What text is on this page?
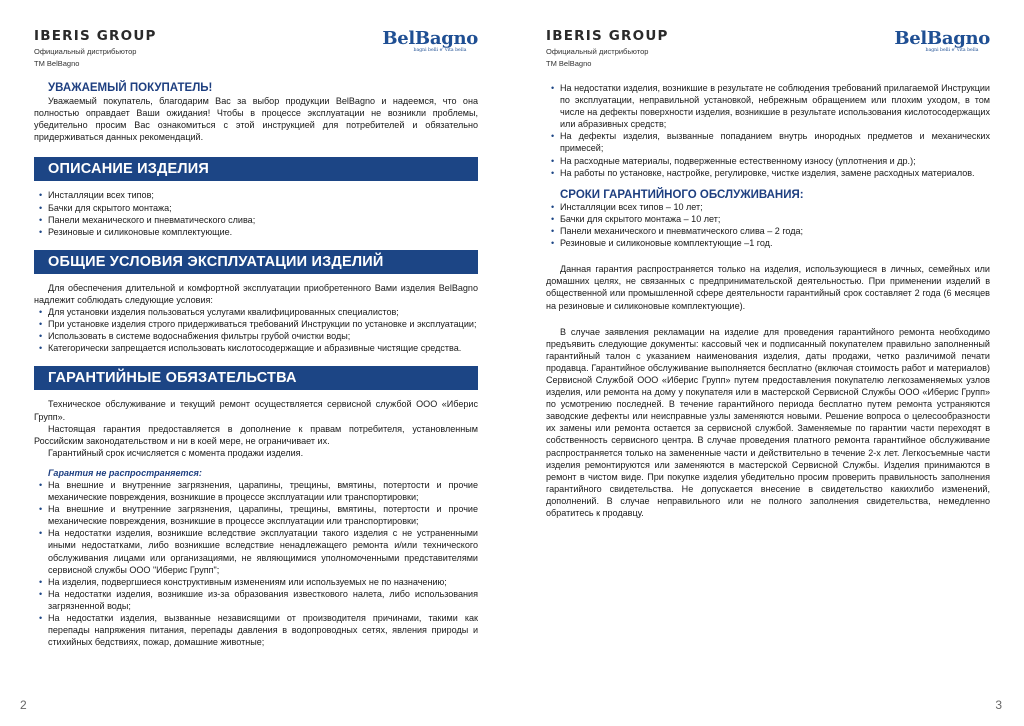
IBERIS GROUP
Официальный дистрибьютор
ТМ BelBagno
BelBagno
bagni belli e' vita bella
УВАЖАЕМЫЙ ПОКУПАТЕЛЬ!
Уважаемый покупатель, благодарим Вас за выбор продукции BelBagno и надеемся, что она полностью оправдает Ваши ожидания! Чтобы в процессе эксплуатации не возникли проблемы, убедительно просим Вас ознакомиться с этой инструкцией для потребителей и обязательно придерживаться данных рекомендаций.
ОПИСАНИЕ ИЗДЕЛИЯ
• Инсталляции всех типов;
• Бачки для скрытого монтажа;
• Панели механического и пневматического слива;
• Резиновые и силиконовые комплектующие.
ОБЩИЕ УСЛОВИЯ ЭКСПЛУАТАЦИИ ИЗДЕЛИЙ
Для обеспечения длительной и комфортной эксплуатации приобретенного Вами изделия BelBagno надлежит соблюдать следующие условия:
• Для установки изделия пользоваться услугами квалифицированных специалистов;
• При установке изделия строго придерживаться требований Инструкции по установке и эксплуатации;
• Использовать в системе водоснабжения фильтры грубой очистки воды;
• Категорически запрещается использовать кислотосодержащие и абразивные чистящие средства.
ГАРАНТИЙНЫЕ ОБЯЗАТЕЛЬСТВА
Техническое обслуживание и текущий ремонт осуществляется сервисной службой ООО «Иберис Групп».
Настоящая гарантия предоставляется в дополнение к правам потребителя, установленным Российским законодательством и ни в коей мере, не ограничивает их.
Гарантийный срок исчисляется с момента продажи изделия.
Гарантия не распространяется:
• На внешние и внутренние загрязнения, царапины, трещины, вмятины, потертости и прочие механические повреждения, возникшие в процессе эксплуатации или транспортировки;
• На внешние и внутренние загрязнения, царапины, трещины, вмятины, потертости и прочие механические повреждения, возникшие в процессе эксплуатации или транспортировки;
• На недостатки изделия, возникшие вследствие эксплуатации такого изделия с не устраненными иными недостатками, либо возникшие вследствие ненадлежащего ремонта и/или технического обслуживания лицами или организациями, не являющимися уполномоченными представителями сервисной службы ООО "Иберис Групп";
• На изделия, подвергшиеся конструктивным изменениям или используемых не по назначению;
• На недостатки изделия, возникшие из-за образования известкового налета, либо использования загрязненной воды;
• На недостатки изделия, вызванные независящими от производителя причинами, такими как перепады напряжения питания, перепады давления в водопроводных сетях, явления природы и стихийных бедствиях, пожар, домашние животные;
2
IBERIS GROUP
Официальный дистрибьютор
ТМ BelBagno
BelBagno
bagni belli e' vita bella
3
• На недостатки изделия, возникшие в результате не соблюдения требований прилагаемой Инструкции по эксплуатации, неправильной установкой, небрежным обращением или плохим уходом, в том числе на дефекты поверхности изделия, возникшие в результате использования кислотосодержащих или абразивных средств;
• На дефекты изделия, вызванные попаданием внутрь инородных предметов и механических примесей;
• На расходные материалы, подверженные естественному износу (уплотнения и др.);
• На работы по установке, настройке, регулировке, чистке изделия, замене расходных материалов.
СРОКИ ГАРАНТИЙНОГО ОБСЛУЖИВАНИЯ:
• Инсталляции всех типов – 10 лет;
• Бачки для скрытого монтажа – 10 лет;
• Панели механического и пневматического слива – 2 года;
• Резиновые и силиконовые комплектующие –1 год.
Данная гарантия распространяется только на изделия, использующиеся в личных, семейных или домашних целях, не связанных с предпринимательской деятельностью. При применении изделий в общественной или промышленной сфере деятельности гарантийный срок составляет 2 года (6 месяцев на резиновые и силиконовые комплектующие).
В случае заявления рекламации на изделие для проведения гарантийного ремонта необходимо предъявить следующие документы: кассовый чек и подписанный покупателем правильно заполненный гарантийный талон с указанием наименования изделия, даты продажи, четко различимой печати продавца. Гарантийное обслуживание выполняется бесплатно (включая стоимость работ и материалов) Сервисной Службой ООО «Иберис Групп» путем предоставления покупателю легкозаменяемых узлов изделия, или ремонта на дому у покупателя или в мастерской Сервисной Службы ООО «Иберис Групп» по усмотрению последней. В течение гарантийного периода бесплатно путем ремонта устраняются заводские дефекты или неисправные узлы заменяются новыми. Решение вопроса о целесообразности их замены или ремонта остается за сервисной службой. Заменяемые по гарантии части переходят в собственность сервисного центра. В случае проведения платного ремонта гарантийное обслуживание распространяется только на замененные части и действительно в течение 2-х лет. Легкосъемные части изделия ремонтируются или заменяются в мастерской Сервисной Службы. Изделия принимаются в ремонт в чистом виде. При покупке изделия убедительно просим проверить правильность заполнения гарантийного свидетельства. Не допускается внесение в свидетельство какихлибо изменений, дополнений. В случае неправильного или не полного заполнения свидетельства, немедленно обратитесь к продавцу.
